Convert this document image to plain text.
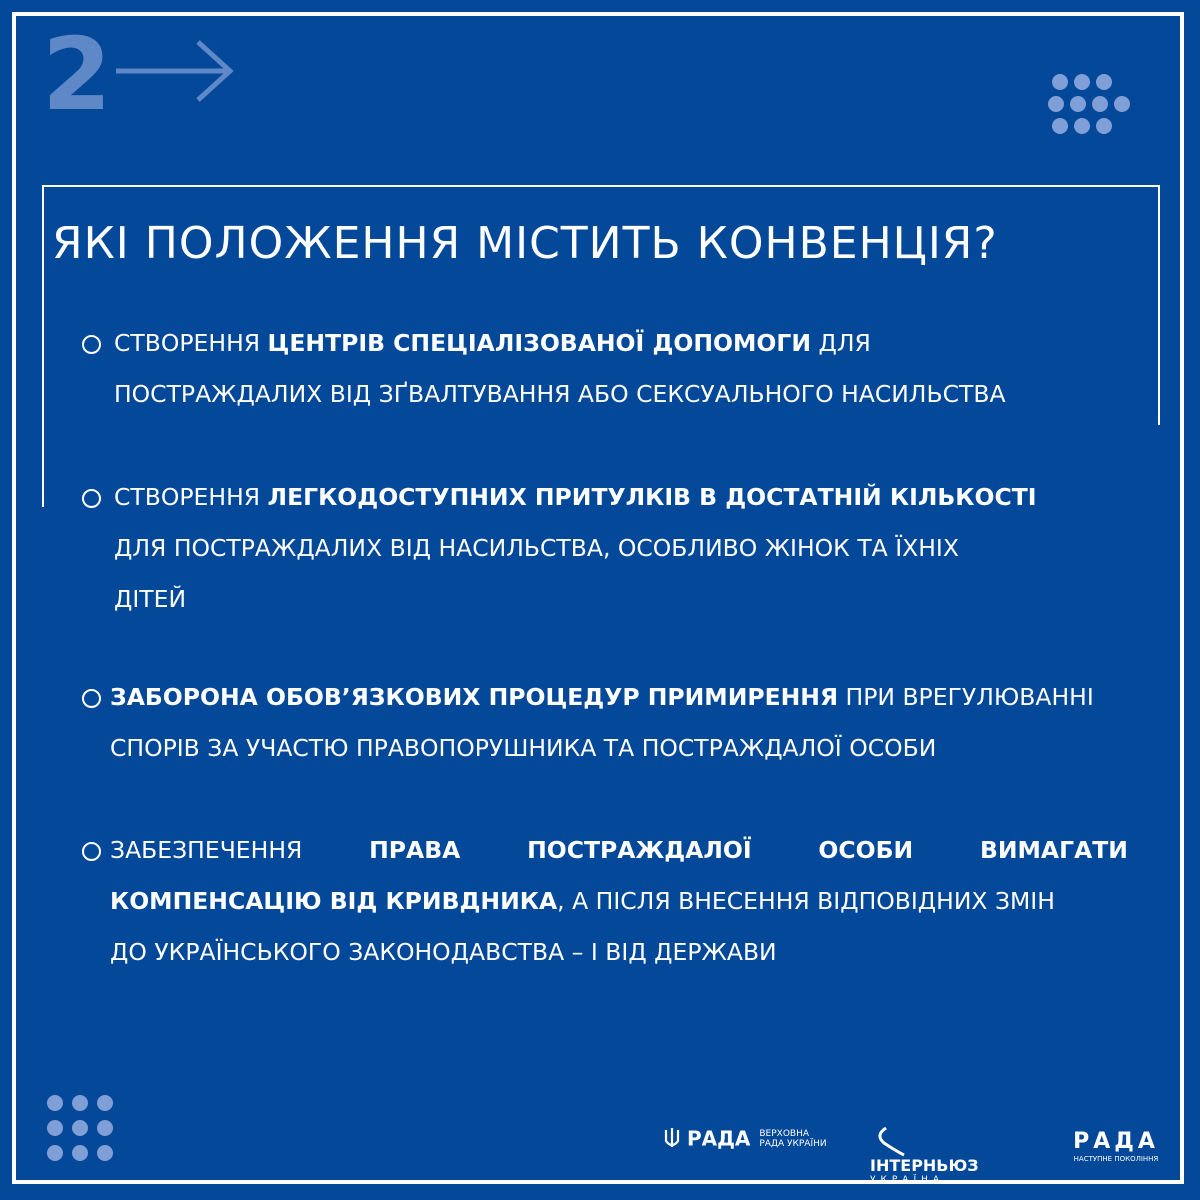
2
ЯКІ ПОЛОЖЕННЯ МІСТИТЬ КОНВЕНЦІЯ?
СТВОРЕННЯ ЦЕНТРІВ СПЕЦІАЛІЗОВАНОЇ ДОПОМОГИ ДЛЯ
ПОСТРАЖДАЛИХ ВІД ЗҐВАЛТУВАННЯ АБО СЕКСУАЛЬНОГО НАСИЛЬСТВА
СТВОРЕННЯ ЛЕГКОДОСТУПНИХ ПРИТУЛКІВ В ДОСТАТНІЙ КІЛЬКОСТІ
ДЛЯ ПОСТРАЖДАЛИХ ВІД НАСИЛЬСТВА, ОСОБЛИВО ЖІНОК ТА ЇХНІХ
ДІТЕЙ
ЗАБОРОНА ОБОВ’ЯЗКОВИХ ПРОЦЕДУР ПРИМИРЕННЯ ПРИ ВРЕГУЛЮВАННІ
СПОРІВ ЗА УЧАСТЮ ПРАВОПОРУШНИКА ТА ПОСТРАЖДАЛОЇ ОСОБИ
ЗАБЕЗПЕЧЕННЯ	ПРАВА	ПОСТРАЖДАЛОЇ	ОСОБИ	ВИМАГАТИ
КОМПЕНСАЦІЮ ВІД КРИВДНИКА, А ПІСЛЯ ВНЕСЕННЯ ВІДПОВІДНИХ ЗМІН
ДО УКРАЇНСЬКОГО ЗАКОНОДАВСТВА – І ВІД ДЕРЖАВИ
РАДА ВЕРХОВНА
РАДА УКРАЇНИ

ІНТЕРНЬЮЗ
УКРАЇНА
РАДА
НАСТУПНЕ ПОКОЛІННЯ
